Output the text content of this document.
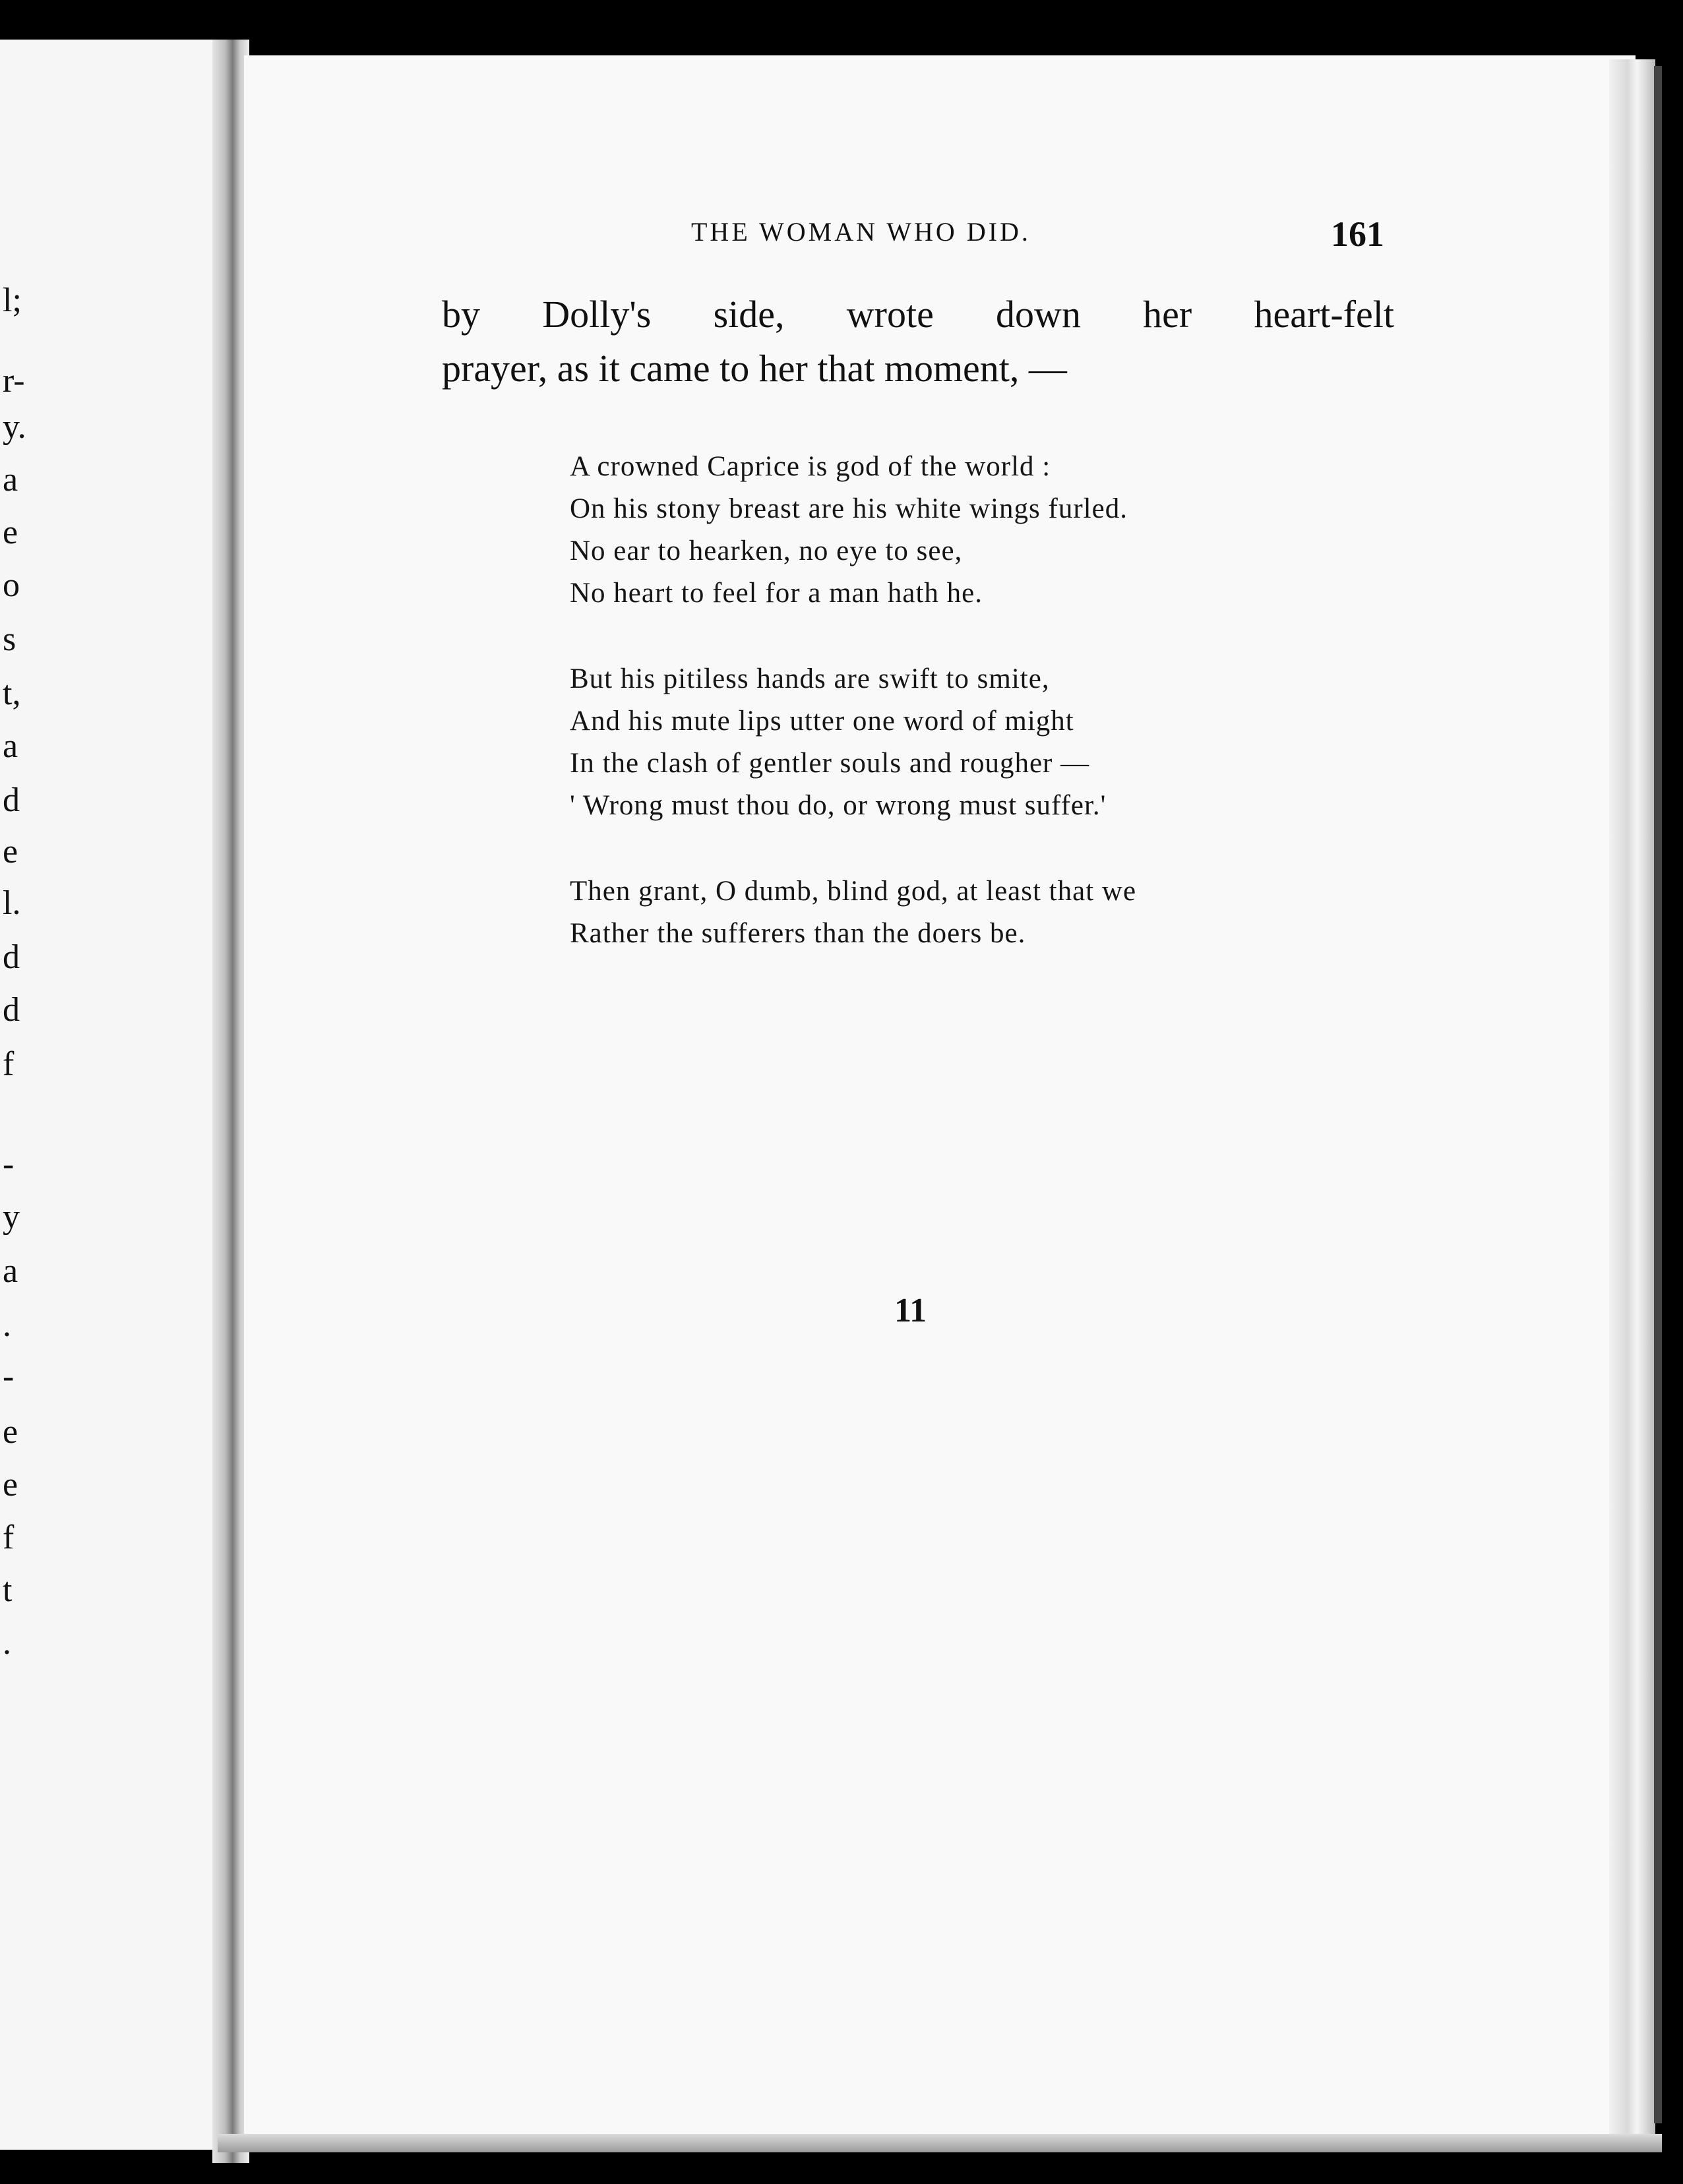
l;
r-
y.
a
e
o
s
t,
a
d
e
l.
d
d
f
-
y
a
.
-
e
e
f
t
.
THE WOMAN WHO DID.	161
by Dolly's side, wrote down her heart-felt
prayer, as it came to her that moment, —
A crowned Caprice is god of the world :
On his stony breast are his white wings furled.
No ear to hearken, no eye to see,
No heart to feel for a man hath he.
But his pitiless hands are swift to smite,
And his mute lips utter one word of might
In the clash of gentler souls and rougher —
' Wrong must thou do, or wrong must suffer.'
Then grant, O dumb, blind god, at least that we
Rather the sufferers than the doers be.
11
